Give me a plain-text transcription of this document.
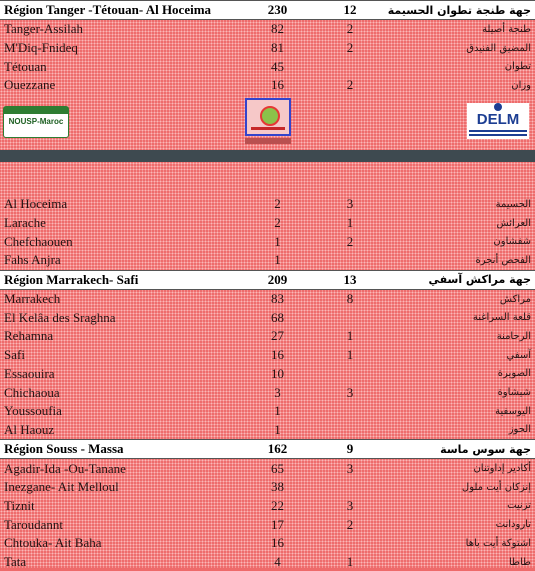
Région Tanger -Tétouan- Al Hoceima	230	12	جهة طنجة تطوان الحسيمة
Tanger-Assilah	82	2	طنجة أصيلة
M'Diq-Fnideq	81	2	المضيق الفنيدق
Tétouan	45		تطوان
Ouezzane	16	2	وزان
NOUSP-Maroc	DELM
Al Hoceima	2	3	الحسيمة
Larache	2	1	العرائش
Chefchaouen	1	2	شفشاون
Fahs Anjra	1		الفحص أنجرة
Région Marrakech- Safi	209	13	جهة مراكش آسفي
Marrakech	83	8	مراكش
El Kelâa des Sraghna	68		قلعة السراغنة
Rehamna	27	1	الرحامنة
Safi	16	1	آسفي
Essaouira	10		الصويرة
Chichaoua	3	3	شيشاوة
Youssoufia	1		اليوسفية
Al Haouz	1		الحوز
Région Souss - Massa	162	9	جهة سوس ماسة
Agadir-Ida -Ou-Tanane	65	3	أكادير إداوتنان
Inezgane- Ait Melloul	38		إنزكان أيت ملول
Tiznit	22	3	تزنيت
Taroudannt	17	2	تارودانت
Chtouka- Ait Baha	16		اشتوكة أيت باها
Tata	4	1	طاطا
